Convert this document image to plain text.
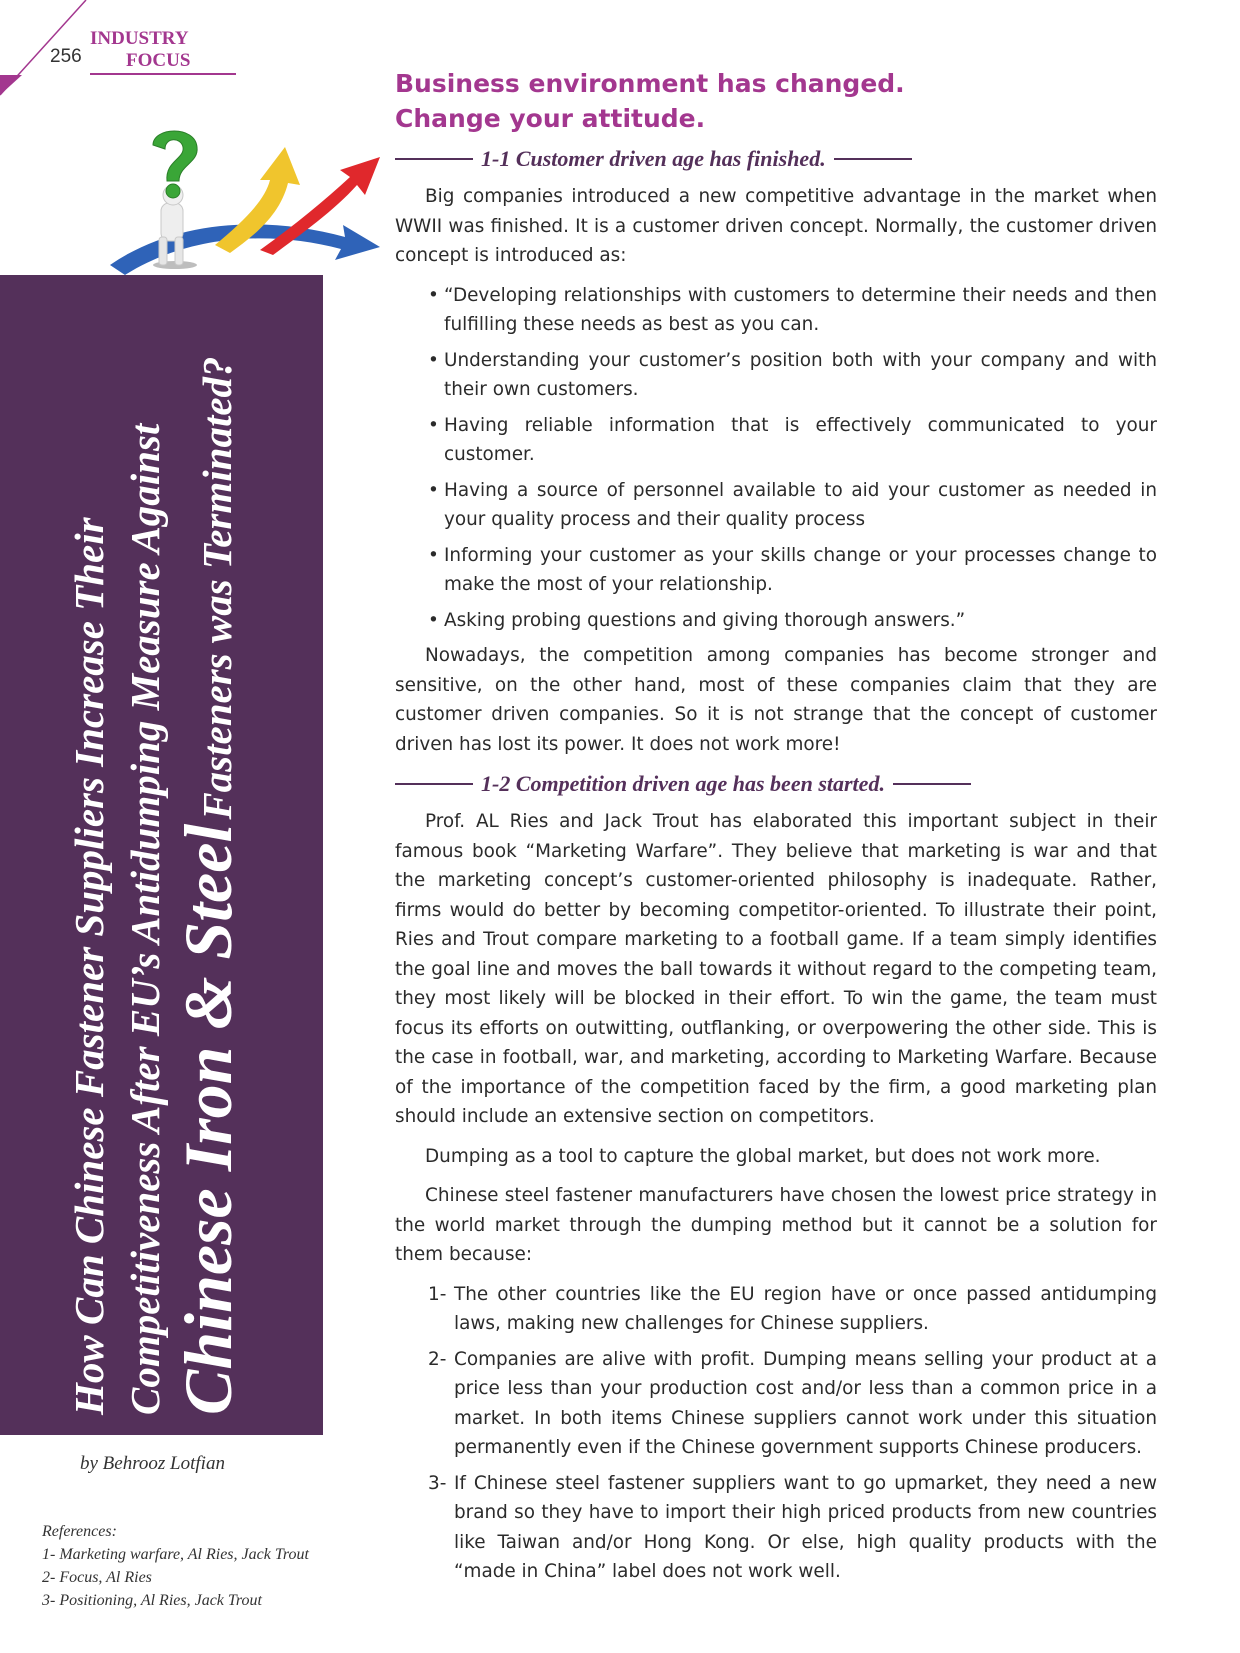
256
INDUSTRY
FOCUS
How Can Chinese Fastener Suppliers Increase Their Competitiveness After EU’s Antidumping Measure Against Chinese Iron & Steel Fasteners was Terminated?
by Behrooz Lotfian
References:
1- Marketing warfare, Al Ries, Jack Trout
2- Focus, Al Ries
3- Positioning, Al Ries, Jack Trout
Business environment has changed.
Change your attitude.
1-1 Customer driven age has finished.

Big companies introduced a new competitive advantage in the market when WWII was finished. It is a customer driven concept. Normally, the customer driven concept is introduced as:

• “Developing relationships with customers to determine their needs and then fulfilling these needs as best as you can.
• Understanding your customer’s position both with your company and with their own customers.
• Having reliable information that is effectively communicated to your customer.
• Having a source of personnel available to aid your customer as needed in your quality process and their quality process
• Informing your customer as your skills change or your processes change to make the most of your relationship.
• Asking probing questions and giving thorough answers.”

Nowadays, the competition among companies has become stronger and sensitive, on the other hand, most of these companies claim that they are customer driven companies. So it is not strange that the concept of customer driven has lost its power. It does not work more!

1-2 Competition driven age has been started.

Prof. AL Ries and Jack Trout has elaborated this important subject in their famous book “Marketing Warfare”. They believe that marketing is war and that the marketing concept’s customer-oriented philosophy is inadequate. Rather, firms would do better by becoming competitor-oriented. To illustrate their point, Ries and Trout compare marketing to a football game. If a team simply identifies the goal line and moves the ball towards it without regard to the competing team, they most likely will be blocked in their effort. To win the game, the team must focus its efforts on outwitting, outflanking, or overpowering the other side. This is the case in football, war, and marketing, according to Marketing Warfare. Because of the importance of the competition faced by the firm, a good marketing plan should include an extensive section on competitors.

Dumping as a tool to capture the global market, but does not work more.

Chinese steel fastener manufacturers have chosen the lowest price strategy in the world market through the dumping method but it cannot be a solution for them because:

1- The other countries like the EU region have or once passed antidumping laws, making new challenges for Chinese suppliers.
2- Companies are alive with profit. Dumping means selling your product at a price less than your production cost and/or less than a common price in a market. In both items Chinese suppliers cannot work under this situation permanently even if the Chinese government supports Chinese producers.
3- If Chinese steel fastener suppliers want to go upmarket, they need a new brand so they have to import their high priced products from new countries like Taiwan and/or Hong Kong. Or else, high quality products with the “made in China” label does not work well.
